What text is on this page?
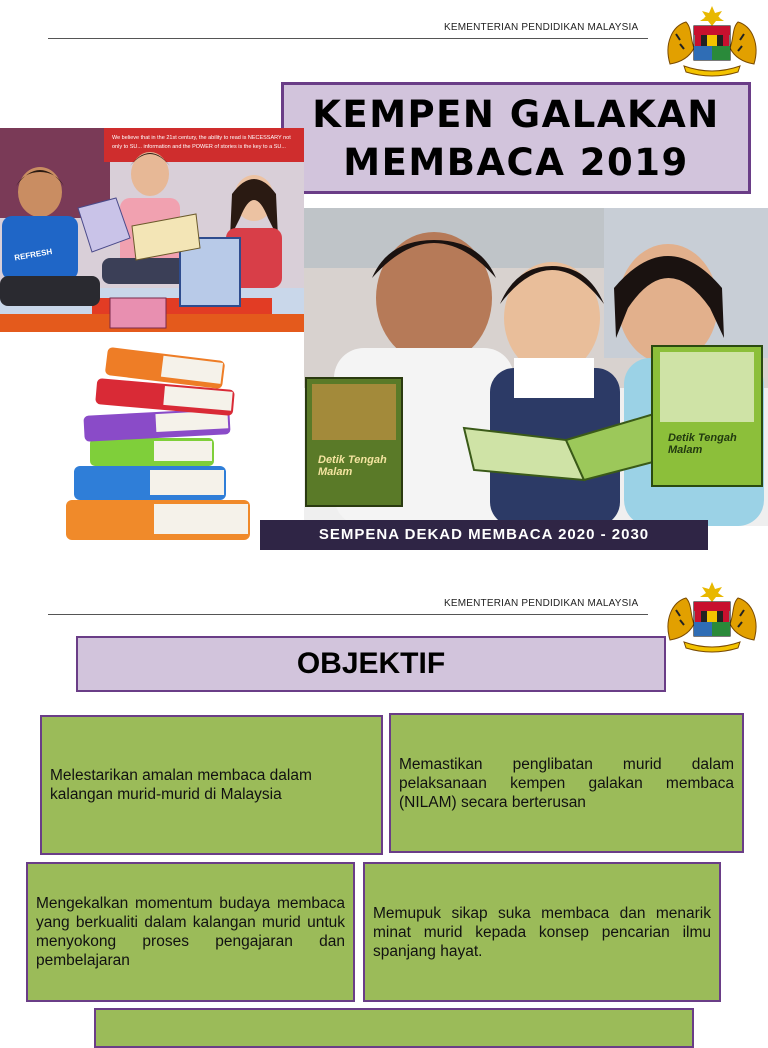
KEMENTERIAN PENDIDIKAN MALAYSIA
KEMPEN GALAKAN
MEMBACA 2019
We believe that in the 21st century, the ability to read is NECESSARY not only to SU... information and the POWER of stories is the key to a SU...
REFRESH
Detik Tengah Malam
Detik Tengah Malam
SEMPENA DEKAD MEMBACA 2020 - 2030
KEMENTERIAN PENDIDIKAN MALAYSIA
OBJEKTIF
Melestarikan amalan membaca dalam kalangan murid-murid di Malaysia
Memastikan penglibatan murid dalam pelaksanaan kempen galakan membaca (NILAM) secara berterusan
Mengekalkan momentum budaya membaca yang berkualiti dalam kalangan murid untuk menyokong proses pengajaran dan pembelajaran
Memupuk sikap suka membaca dan menarik minat murid kepada konsep pencarian ilmu spanjang hayat.
